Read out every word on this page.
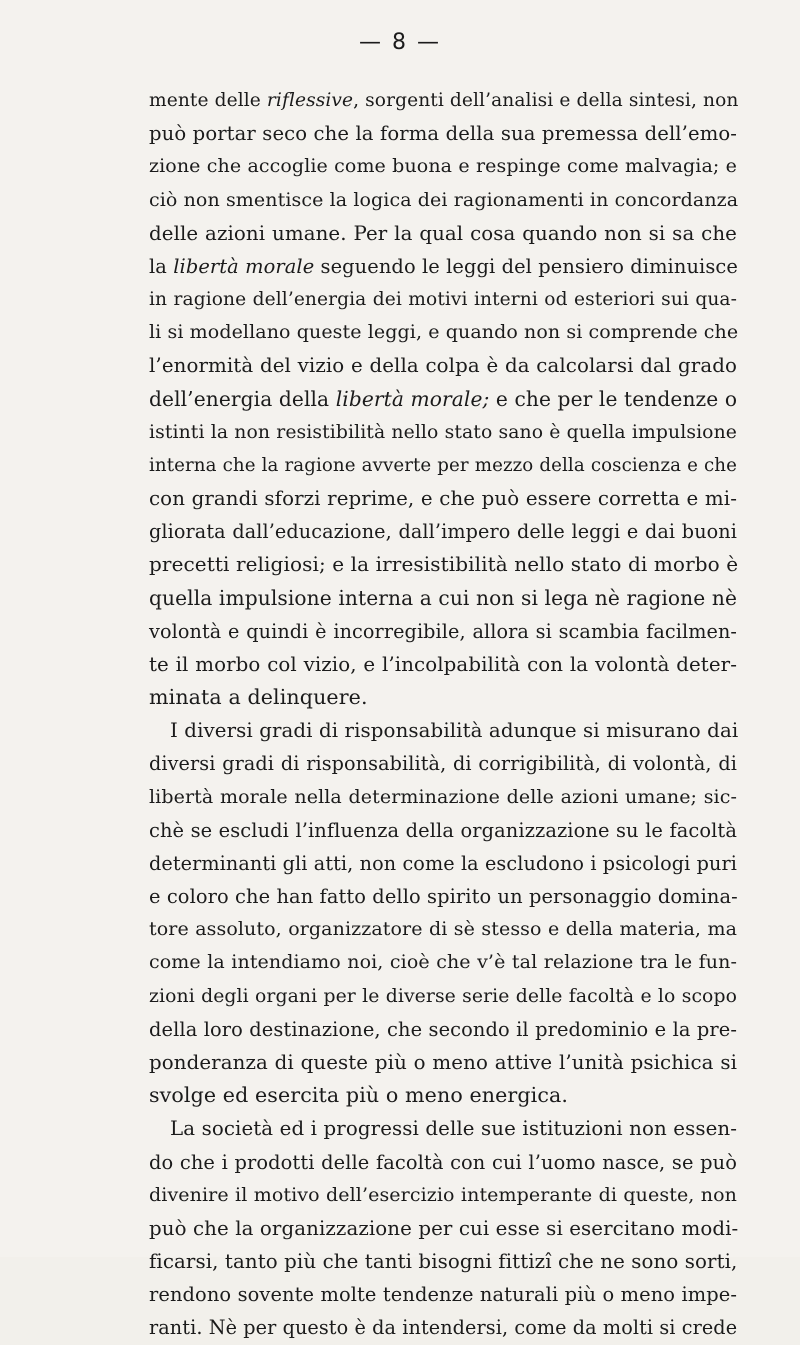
— 8 —
mente delle riflessive, sorgenti dell’analisi e della sintesi, non
può portar seco che la forma della sua premessa dell’emo-
zione che accoglie come buona e respinge come malvagia; e
ciò non smentisce la logica dei ragionamenti in concordanza
delle azioni umane. Per la qual cosa quando non si sa che
la libertà morale seguendo le leggi del pensiero diminuisce
in ragione dell’energia dei motivi interni od esteriori sui qua-
li si modellano queste leggi, e quando non si comprende che
l’enormità del vizio e della colpa è da calcolarsi dal grado
dell’energia della libertà morale; e che per le tendenze o
istinti la non resistibilità nello stato sano è quella impulsione
interna che la ragione avverte per mezzo della coscienza e che
con grandi sforzi reprime, e che può essere corretta e mi-
gliorata dall’educazione, dall’impero delle leggi e dai buoni
precetti religiosi; e la irresistibilità nello stato di morbo è
quella impulsione interna a cui non si lega nè ragione nè
volontà e quindi è incorregibile, allora si scambia facilmen-
te il morbo col vizio, e l’incolpabilità con la volontà deter-
minata a delinquere.
I diversi gradi di risponsabilità adunque si misurano dai
diversi gradi di risponsabilità, di corrigibilità, di volontà, di
libertà morale nella determinazione delle azioni umane; sic-
chè se escludi l’influenza della organizzazione su le facoltà
determinanti gli atti, non come la escludono i psicologi puri
e coloro che han fatto dello spirito un personaggio domina-
tore assoluto, organizzatore di sè stesso e della materia, ma
come la intendiamo noi, cioè che v’è tal relazione tra le fun-
zioni degli organi per le diverse serie delle facoltà e lo scopo
della loro destinazione, che secondo il predominio e la pre-
ponderanza di queste più o meno attive l’unità psichica si
svolge ed esercita più o meno energica.
La società ed i progressi delle sue istituzioni non essen-
do che i prodotti delle facoltà con cui l’uomo nasce, se può
divenire il motivo dell’esercizio intemperante di queste, non
può che la organizzazione per cui esse si esercitano modi-
ficarsi, tanto più che tanti bisogni fittizî che ne sono sorti,
rendono sovente molte tendenze naturali più o meno impe-
ranti. Nè per questo è da intendersi, come da molti si crede
